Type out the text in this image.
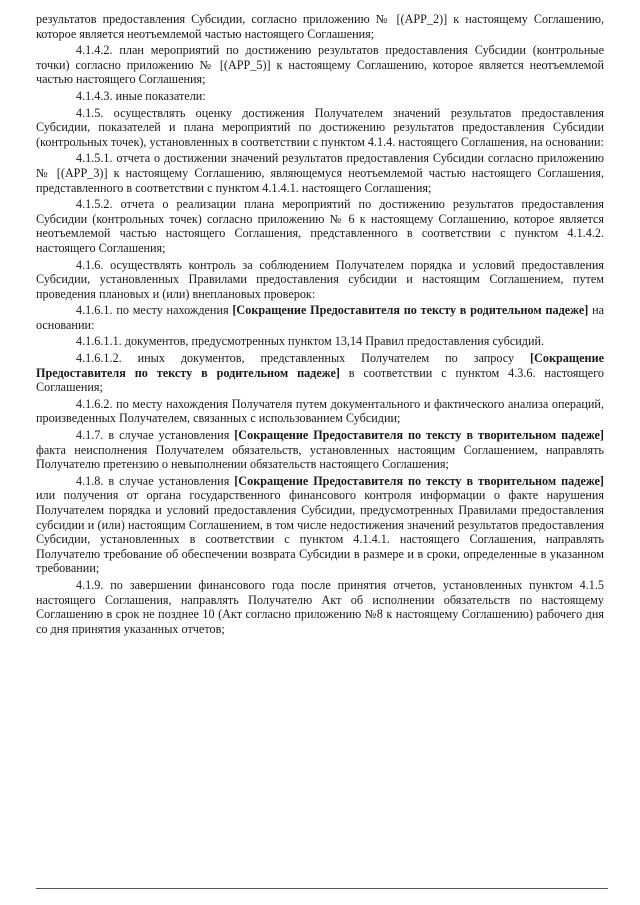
результатов предоставления Субсидии, согласно приложению № [(APP_2)] к настоящему Соглашению, которое является неотъемлемой частью настоящего Соглашения;

4.1.4.2. план мероприятий по достижению результатов предоставления Субсидии (контрольные точки) согласно приложению № [(APP_5)] к настоящему Соглашению, которое является неотъемлемой частью настоящего Соглашения;

4.1.4.3. иные показатели:

4.1.5. осуществлять оценку достижения Получателем значений результатов предоставления Субсидии, показателей и плана мероприятий по достижению результатов предоставления Субсидии (контрольных точек), установленных в соответствии с пунктом 4.1.4. настоящего Соглашения, на основании:

4.1.5.1. отчета о достижении значений результатов предоставления Субсидии согласно приложению № [(APP_3)] к настоящему Соглашению, являющемуся неотъемлемой частью настоящего Соглашения, представленного в соответствии с пунктом 4.1.4.1. настоящего Соглашения;

4.1.5.2. отчета о реализации плана мероприятий по достижению результатов предоставления Субсидии (контрольных точек) согласно приложению № 6 к настоящему Соглашению, которое является неотъемлемой частью настоящего Соглашения, представленного в соответствии с пунктом 4.1.4.2. настоящего Соглашения;

4.1.6. осуществлять контроль за соблюдением Получателем порядка и условий предоставления Субсидии, установленных Правилами предоставления субсидии и настоящим Соглашением, путем проведения плановых и (или) внеплановых проверок:

4.1.6.1. по месту нахождения [Сокращение Предоставителя по тексту в родительном падеже] на основании:

4.1.6.1.1. документов, предусмотренных пунктом 13,14 Правил предоставления субсидий.

4.1.6.1.2. иных документов, представленных Получателем по запросу [Сокращение Предоставителя по тексту в родительном падеже] в соответствии с пунктом 4.3.6. настоящего Соглашения;

4.1.6.2. по месту нахождения Получателя путем документального и фактического анализа операций, произведенных Получателем, связанных с использованием Субсидии;

4.1.7. в случае установления [Сокращение Предоставителя по тексту в творительном падеже] факта неисполнения Получателем обязательств, установленных настоящим Соглашением, направлять Получателю претензию о невыполнении обязательств настоящего Соглашения;

4.1.8. в случае установления [Сокращение Предоставителя по тексту в творительном падеже] или получения от органа государственного финансового контроля информации о факте нарушения Получателем порядка и условий предоставления Субсидии, предусмотренных Правилами предоставления субсидии и (или) настоящим Соглашением, в том числе недостижения значений результатов предоставления Субсидии, установленных в соответствии с пунктом 4.1.4.1. настоящего Соглашения, направлять Получателю требование об обеспечении возврата Субсидии в размере и в сроки, определенные в указанном требовании;

4.1.9. по завершении финансового года после принятия отчетов, установленных пунктом 4.1.5 настоящего Соглашения, направлять Получателю Акт об исполнении обязательств по настоящему Соглашению в срок не позднее 10 (Акт согласно приложению №8 к настоящему Соглашению) рабочего дня со дня принятия указанных отчетов;
